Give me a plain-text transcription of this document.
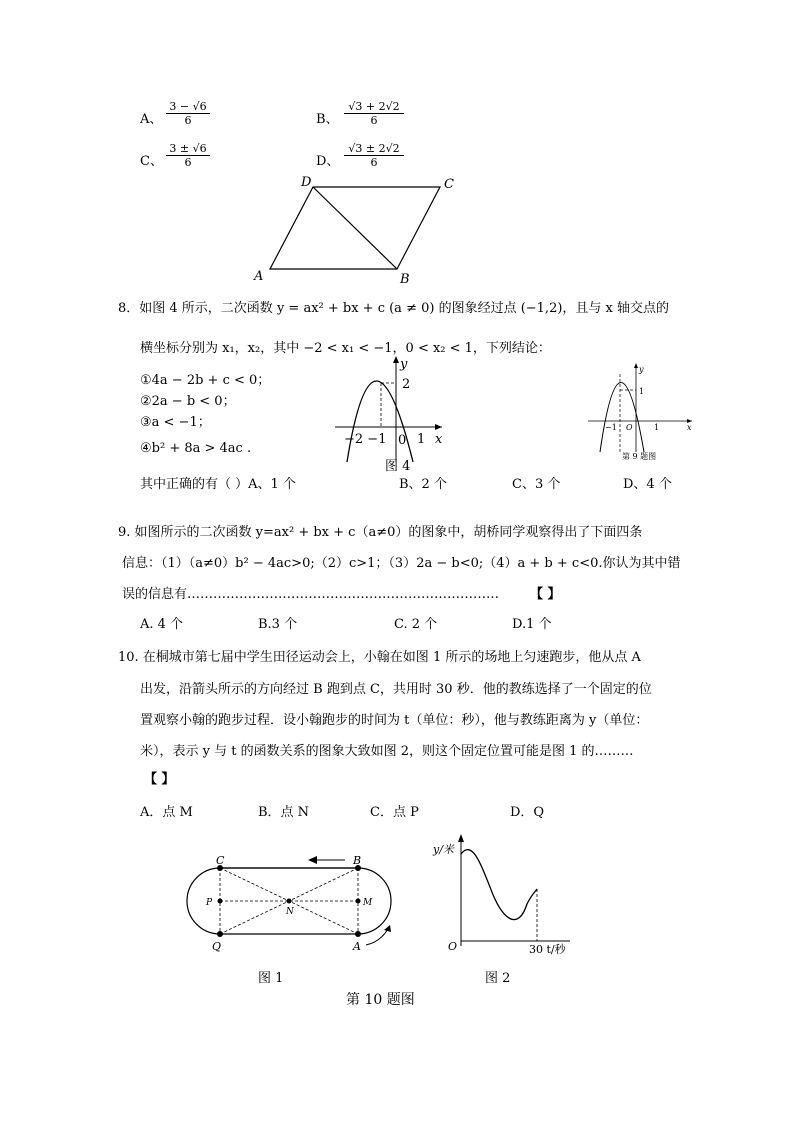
A、 $\frac{3 - √6}{6}$	B、 $\frac{√3 + 2√2}{6}$
C、 $\frac{3 \pm √6}{6}$	D、 $\frac{√3 \pm 2√2}{6}$
D	C
A	B
8．如图 4 所示，二次函数 y = ax² + bx + c (a ≠ 0) 的图象经过点 (−1,2)，且与 x 轴交点的
横坐标分别为 x₁，x₂，其中 −2 < x₁ < −1，0 < x₂ < 1，下列结论：
①4a − 2b + c < 0；
②2a − b < 0；
③a < −1；
④b² + 8a > 4ac .
y
2
−2 −1 0 1 x
图 4
y
1
−1 O	1	x
第 9 题图
其中正确的有（ ）A、1 个	B、2 个	C、3 个	D、4 个
9. 如图所示的二次函数 y=ax² + bx + c（a≠0）的图象中，胡桥同学观察得出了下面四条
信息：（1）（a≠0）b² − 4ac>0;（2）c>1；（3）2a − b<0;（4）a + b + c<0.你认为其中错
误的信息有……………………………………………………………… 【 】
A. 4 个	B.3 个	C. 2 个	D.1 个
10. 在桐城市第七届中学生田径运动会上，小翰在如图 1 所示的场地上匀速跑步，他从点 A
出发，沿箭头所示的方向经过 B 跑到点 C，共用时 30 秒．他的教练选择了一个固定的位
置观察小翰的跑步过程．设小翰跑步的时间为 t（单位：秒），他与教练距离为 y（单位：
米），表示 y 与 t 的函数关系的图象大致如图 2，则这个固定位置可能是图 1 的………
【 】
A．点 M	B．点 N	C．点 P	D．Q
C	B
P	M
N
Q	A
图 1
y/米
O	30 t/秒
图 2
第 10 题图
